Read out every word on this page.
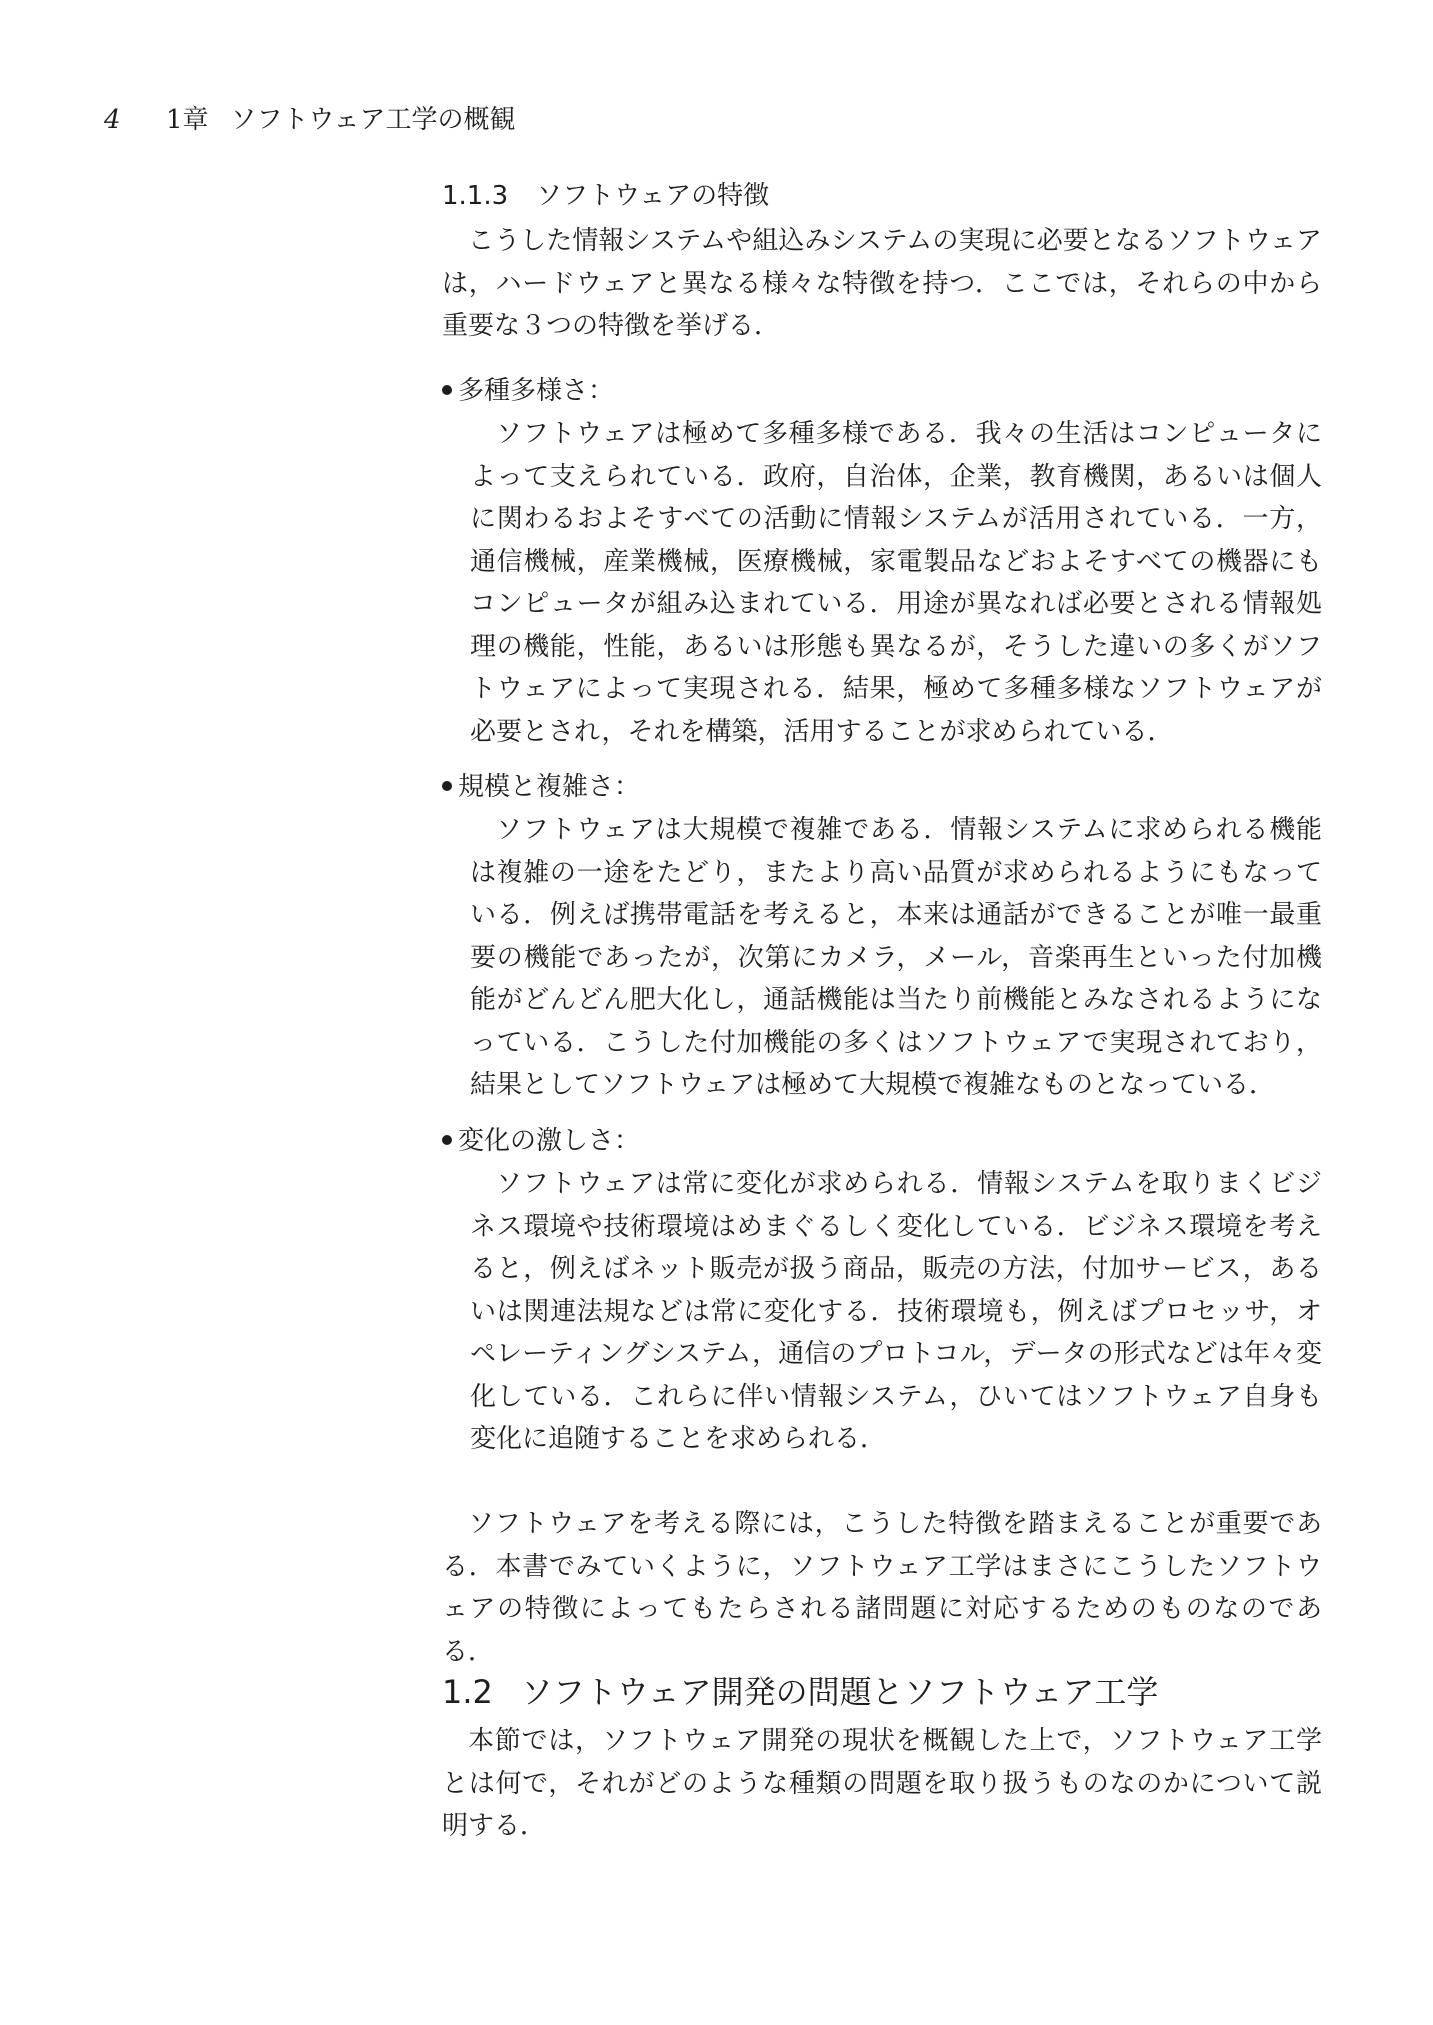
4 1章 ソフトウェア工学の概観
1.1.3 ソフトウェアの特徴

こうした情報システムや組込みシステムの実現に必要となるソフトウェアは，ハードウェアと異なる様々な特徴を持つ．ここでは，それらの中から重要な３つの特徴を挙げる．

多種多様さ：

ソフトウェアは極めて多種多様である．我々の生活はコンピュータによって支えられている．政府，自治体，企業，教育機関，あるいは個人に関わるおよそすべての活動に情報システムが活用されている．一方，通信機械，産業機械，医療機械，家電製品などおよそすべての機器にもコンピュータが組み込まれている．用途が異なれば必要とされる情報処理の機能，性能，あるいは形態も異なるが，そうした違いの多くがソフトウェアによって実現される．結果，極めて多種多様なソフトウェアが必要とされ，それを構築，活用することが求められている．

規模と複雑さ：

ソフトウェアは大規模で複雑である．情報システムに求められる機能は複雑の一途をたどり，またより高い品質が求められるようにもなっている．例えば携帯電話を考えると，本来は通話ができることが唯一最重要の機能であったが，次第にカメラ，メール，音楽再生といった付加機能がどんどん肥大化し，通話機能は当たり前機能とみなされるようになっている．こうした付加機能の多くはソフトウェアで実現されており，結果としてソフトウェアは極めて大規模で複雑なものとなっている．

変化の激しさ：

ソフトウェアは常に変化が求められる．情報システムを取りまくビジネス環境や技術環境はめまぐるしく変化している．ビジネス環境を考えると，例えばネット販売が扱う商品，販売の方法，付加サービス，あるいは関連法規などは常に変化する．技術環境も，例えばプロセッサ，オペレーティングシステム，通信のプロトコル，データの形式などは年々変化している．これらに伴い情報システム，ひいてはソフトウェア自身も変化に追随することを求められる．

ソフトウェアを考える際には，こうした特徴を踏まえることが重要である．本書でみていくように，ソフトウェア工学はまさにこうしたソフトウェアの特徴によってもたらされる諸問題に対応するためのものなのである．

1.2 ソフトウェア開発の問題とソフトウェア工学

本節では，ソフトウェア開発の現状を概観した上で，ソフトウェア工学とは何で，それがどのような種類の問題を取り扱うものなのかについて説明する．
